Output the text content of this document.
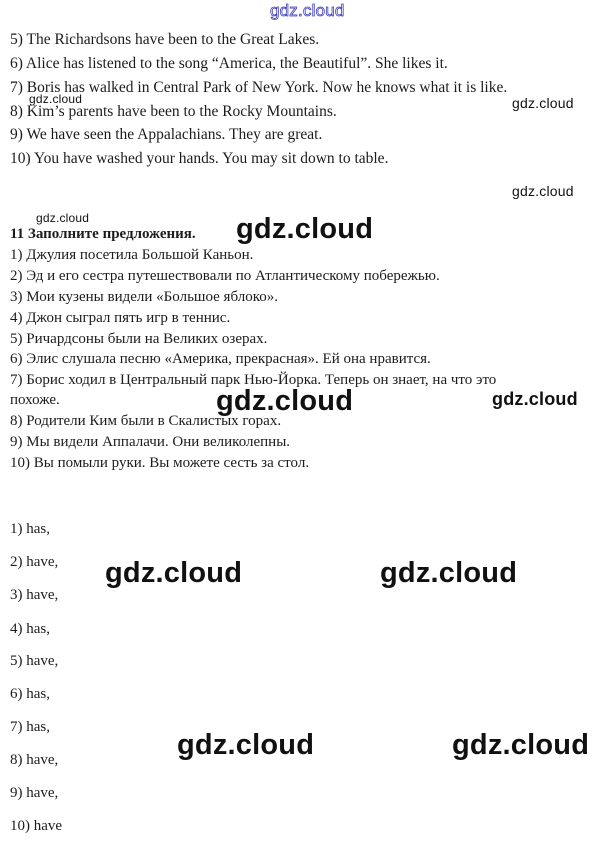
gdz.cloud
5) The Richardsons have been to the Great Lakes.
6) Alice has listened to the song “America, the Beautiful”. She likes it.
7) Boris has walked in Central Park of New York. Now he knows what it is like.
8) Kim’s parents have been to the Rocky Mountains.
9) We have seen the Appalachians. They are great.
10) You have washed your hands. You may sit down to table.
11 Заполните предложения.
1) Джулия посетила Большой Каньон.
2) Эд и его сестра путешествовали по Атлантическому побережью.
3) Мои кузены видели «Большое яблоко».
4) Джон сыграл пять игр в теннис.
5) Ричардсоны были на Великих озерах.
6) Элис слушала песню «Америка, прекрасная». Ей она нравится.
7) Борис ходил в Центральный парк Нью-Йорка. Теперь он знает, на что это
похоже.
8) Родители Ким были в Скалистых горах.
9) Мы видели Аппалачи. Они великолепны.
10) Вы помыли руки. Вы можете сесть за стол.
1) has,
2) have,
3) have,
4) has,
5) have,
6) has,
7) has,
8) have,
9) have,
10) have
gdz.cloud	gdz.cloud
gdz.cloud
gdz.cloud	gdz.cloud
gdz.cloud	gdz.cloud
gdz.cloud	gdz.cloud
gdz.cloud	gdz.cloud
